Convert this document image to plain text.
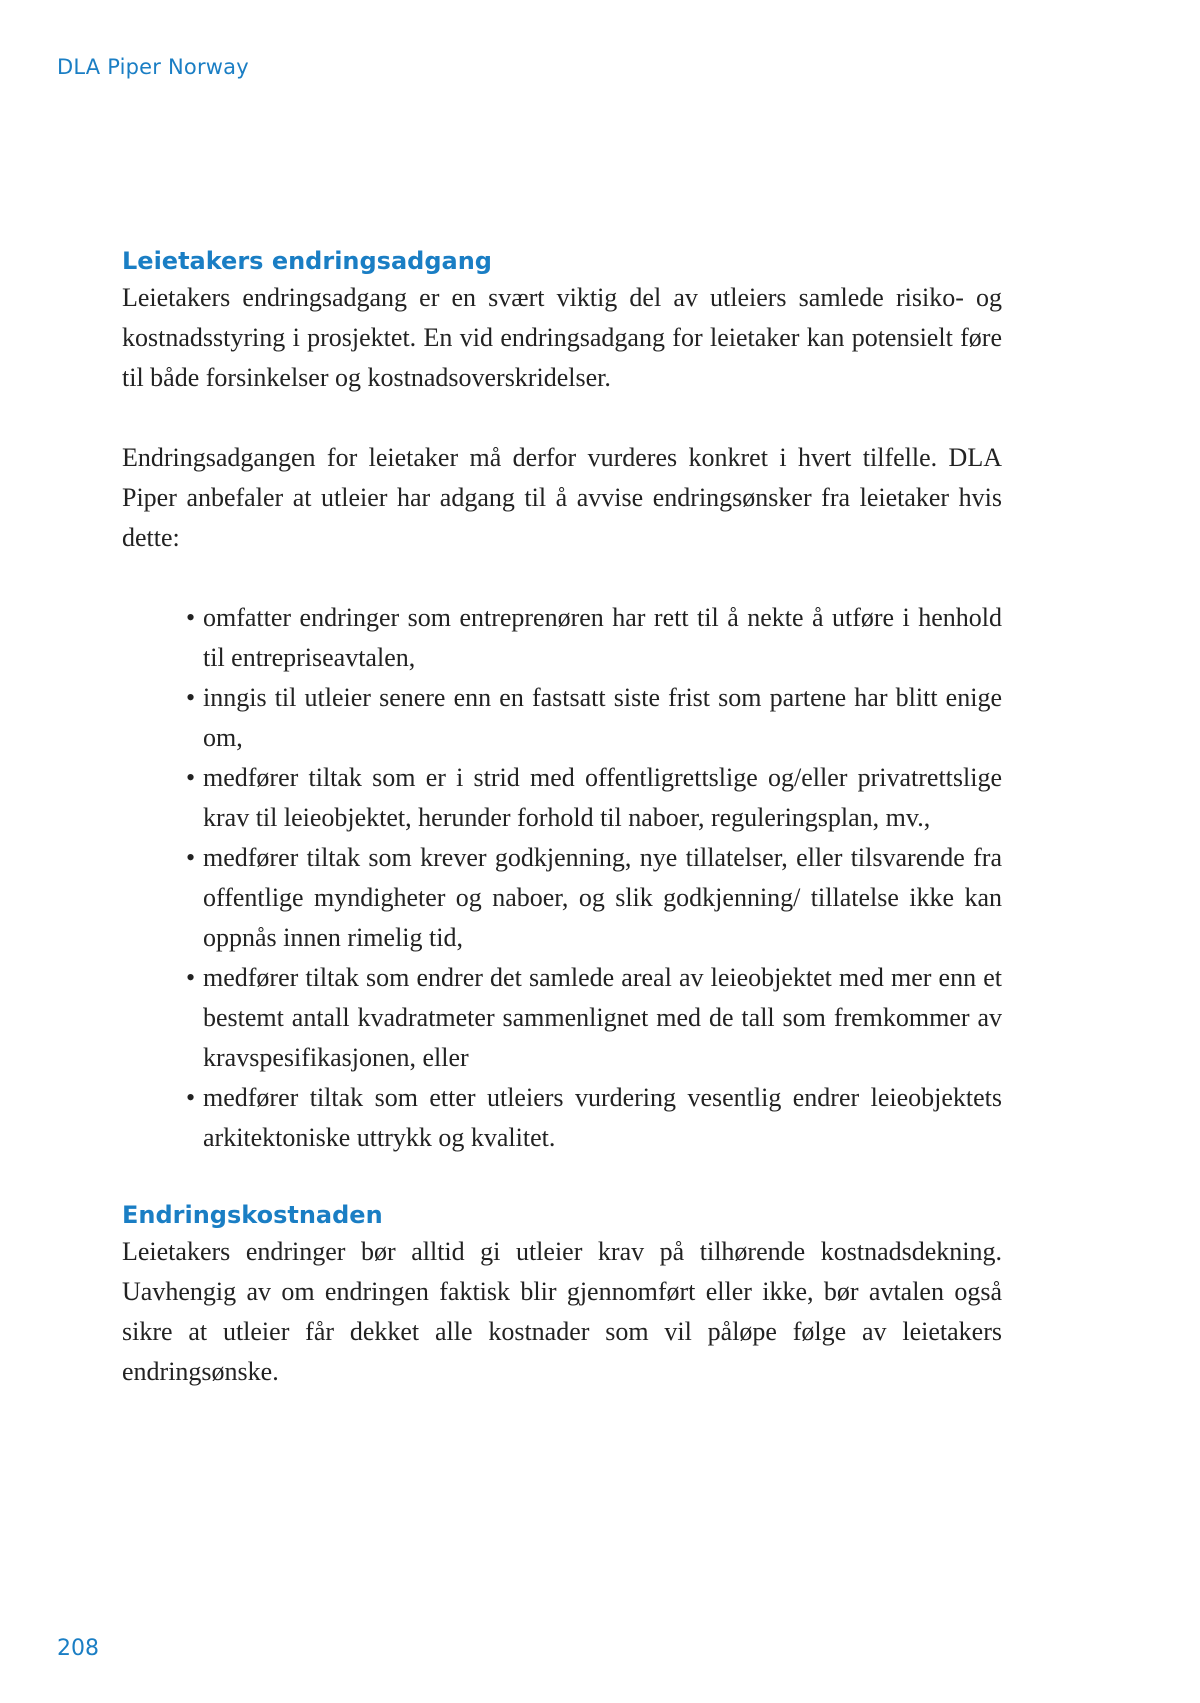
DLA Piper Norway
Leietakers endringsadgang

Leietakers endringsadgang er en svært viktig del av utleiers samlede risiko- og kostnadsstyring i prosjektet. En vid endringsadgang for leietaker kan potensielt føre til både forsinkelser og kostnadsoverskridelser.

Endringsadgangen for leietaker må derfor vurderes konkret i hvert tilfelle. DLA Piper anbefaler at utleier har adgang til å avvise endringsønsker fra leietaker hvis dette:

• omfatter endringer som entreprenøren har rett til å nekte å utføre i henhold til entrepriseavtalen,
• inngis til utleier senere enn en fastsatt siste frist som partene har blitt enige om,
• medfører tiltak som er i strid med offentligrettslige og/eller privatrettslige krav til leieobjektet, herunder forhold til naboer, reguleringsplan, mv.,
• medfører tiltak som krever godkjenning, nye tillatelser, eller tilsvarende fra offentlige myndigheter og naboer, og slik godkjenning/ tillatelse ikke kan oppnås innen rimelig tid,
• medfører tiltak som endrer det samlede areal av leieobjektet med mer enn et bestemt antall kvadratmeter sammenlignet med de tall som fremkommer av kravspesifikasjonen, eller
• medfører tiltak som etter utleiers vurdering vesentlig endrer leieobjektets arkitektoniske uttrykk og kvalitet.
Endringskostnaden

Leietakers endringer bør alltid gi utleier krav på tilhørende kostnadsdekning. Uavhengig av om endringen faktisk blir gjennomført eller ikke, bør avtalen også sikre at utleier får dekket alle kostnader som vil påløpe følge av leietakers endringsønske.

208
